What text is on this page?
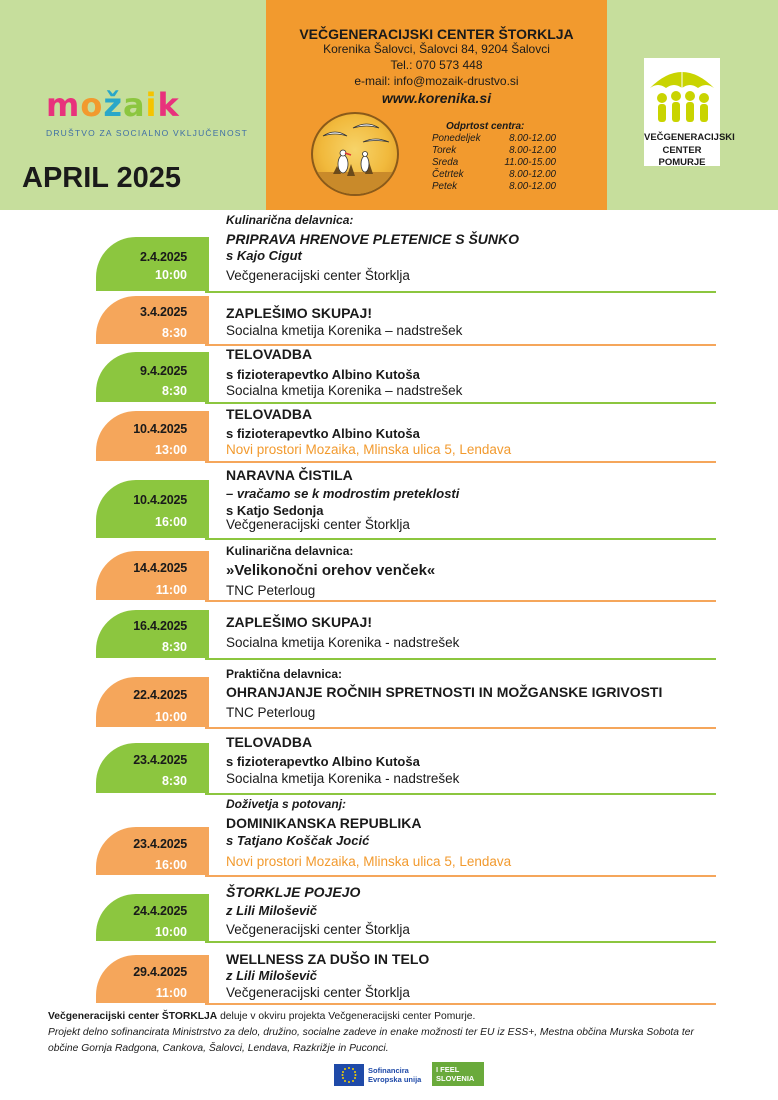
m o ž a i k
DRUŠTVO ZA SOCIALNO VKLJUČENOST
APRIL 2025
VEČGENERACIJSKI CENTER ŠTORKLJA
Korenika Šalovci, Šalovci 84, 9204 Šalovci
Tel.: 070 573 448
e-mail: info@mozaik-drustvo.si
www.korenika.si
Odprtost centra:
Ponedeljek	8.00-12.00
Torek	8.00-12.00
Sreda	11.00-15.00
Četrtek	8.00-12.00
Petek	8.00-12.00
VEČGENERACIJSKI
CENTER POMURJE
2.4.2025
10:00
Kulinarična delavnica:
PRIPRAVA HRENOVE PLETENICE S ŠUNKO
s Kajo Cigut
Večgeneracijski center Štorklja
3.4.2025
8:30
ZAPLEŠIMO SKUPAJ!
Socialna kmetija Korenika – nadstrešek
9.4.2025
8:30
TELOVADBA
s fizioterapevtko Albino Kutoša
Socialna kmetija Korenika – nadstrešek
10.4.2025
13:00
TELOVADBA
s fizioterapevtko Albino Kutoša
Novi prostori Mozaika, Mlinska ulica 5, Lendava
10.4.2025
16:00
NARAVNA ČISTILA
– vračamo se k modrostim preteklosti
s Katjo Sedonja
Večgeneracijski center Štorklja
14.4.2025
11:00
Kulinarična delavnica:
»Velikonočni orehov venček«
TNC Peterloug
16.4.2025
8:30
ZAPLEŠIMO SKUPAJ!
Socialna kmetija Korenika - nadstrešek
22.4.2025
10:00
Praktična delavnica:
OHRANJANJE ROČNIH SPRETNOSTI IN MOŽGANSKE IGRIVOSTI
TNC Peterloug
23.4.2025
8:30
TELOVADBA
s fizioterapevtko Albino Kutoša
Socialna kmetija Korenika - nadstrešek
23.4.2025
16:00
Doživetja s potovanj:
DOMINIKANSKA REPUBLIKA
s Tatjano Koščak Jocić
Novi prostori Mozaika, Mlinska ulica 5, Lendava
24.4.2025
10:00
ŠTORKLJE POJEJO
z Lili Miloševič
Večgeneracijski center Štorklja
29.4.2025
11:00
WELLNESS ZA DUŠO IN TELO
z Lili Miloševič
Večgeneracijski center Štorklja
Večgeneracijski center ŠTORKLJA deluje v okviru projekta Večgeneracijski center Pomurje.
Projekt delno sofinancirata Ministrstvo za delo, družino, socialne zadeve in enake možnosti ter EU iz ESS+, Mestna občina Murska Sobota ter
občine Gornja Radgona, Cankova, Šalovci, Lendava, Razkrižje in Puconci.
Sofinancira
Evropska unija
I FEEL
SLOVENIA
